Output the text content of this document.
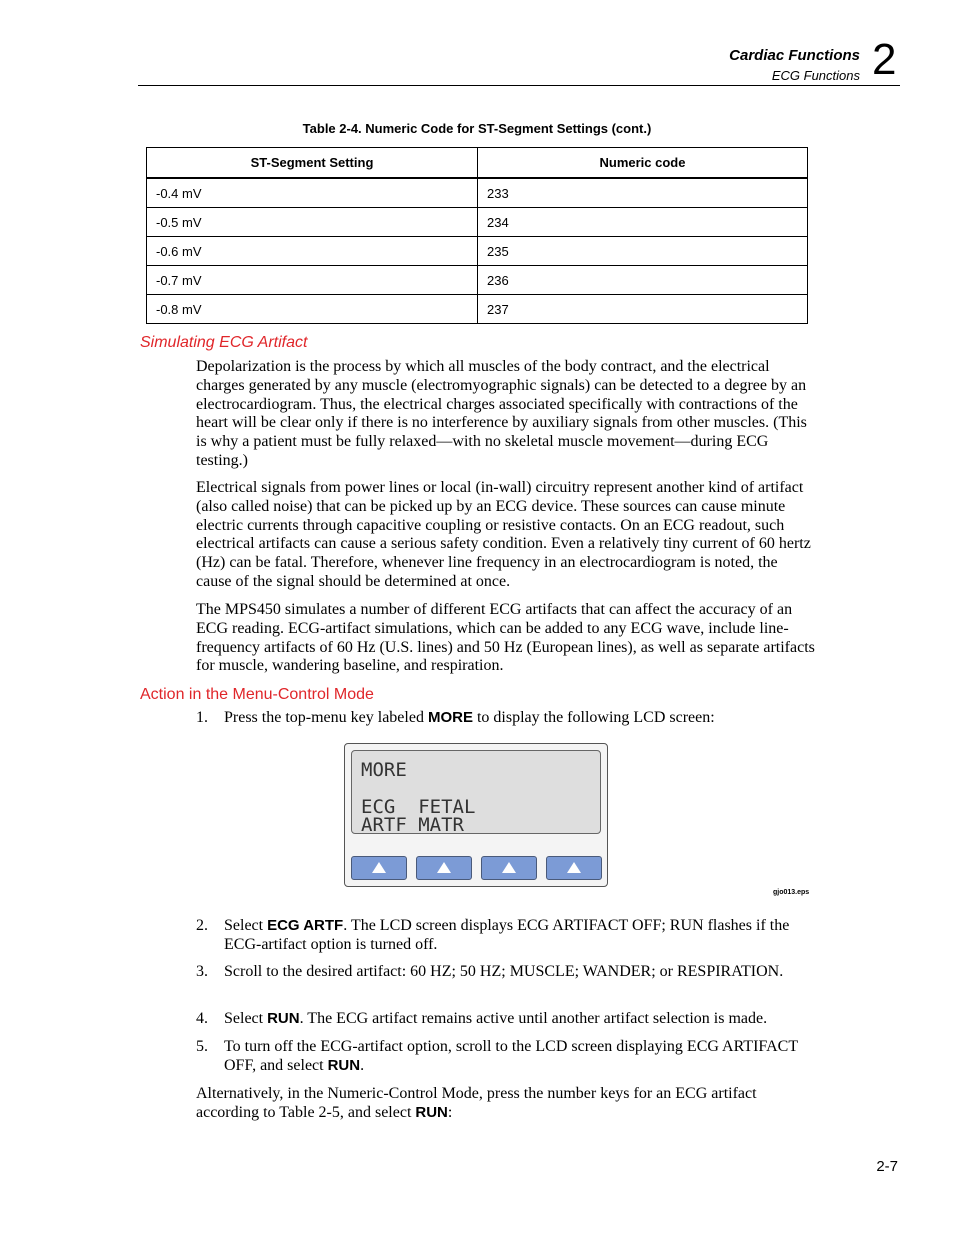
Cardiac Functions
ECG Functions 2
Table 2-4. Numeric Code for ST-Segment Settings (cont.)
ST-Segment Setting	Numeric code
-0.4 mV	233
-0.5 mV	234
-0.6 mV	235
-0.7 mV	236
-0.8 mV	237
Simulating ECG Artifact
Depolarization is the process by which all muscles of the body contract, and the electrical charges generated by any muscle (electromyographic signals) can be detected to a degree by an electrocardiogram. Thus, the electrical charges associated specifically with contractions of the heart will be clear only if there is no interference by auxiliary signals from other muscles. (This is why a patient must be fully relaxed—with no skeletal muscle movement—during ECG testing.)
Electrical signals from power lines or local (in-wall) circuitry represent another kind of artifact (also called noise) that can be picked up by an ECG device. These sources can cause minute electric currents through capacitive coupling or resistive contacts. On an ECG readout, such electrical artifacts can cause a serious safety condition. Even a relatively tiny current of 60 hertz (Hz) can be fatal. Therefore, whenever line frequency in an electrocardiogram is noted, the cause of the signal should be determined at once.
The MPS450 simulates a number of different ECG artifacts that can affect the accuracy of an ECG reading. ECG-artifact simulations, which can be added to any ECG wave, include line-frequency artifacts of 60 Hz (U.S. lines) and 50 Hz (European lines), as well as separate artifacts for muscle, wandering baseline, and respiration.
Action in the Menu-Control Mode
1.	Press the top-menu key labeled MORE to display the following LCD screen:
MORE
ECG  FETAL
ARTF MATR
gjo013.eps
2.	Select ECG ARTF. The LCD screen displays ECG ARTIFACT OFF; RUN flashes if the ECG-artifact option is turned off.
3.	Scroll to the desired artifact: 60 HZ; 50 HZ; MUSCLE; WANDER; or RESPIRATION.
4.	Select RUN. The ECG artifact remains active until another artifact selection is made.
5.	To turn off the ECG-artifact option, scroll to the LCD screen displaying ECG ARTIFACT OFF, and select RUN.
Alternatively, in the Numeric-Control Mode, press the number keys for an ECG artifact according to Table 2-5, and select RUN:
2-7
